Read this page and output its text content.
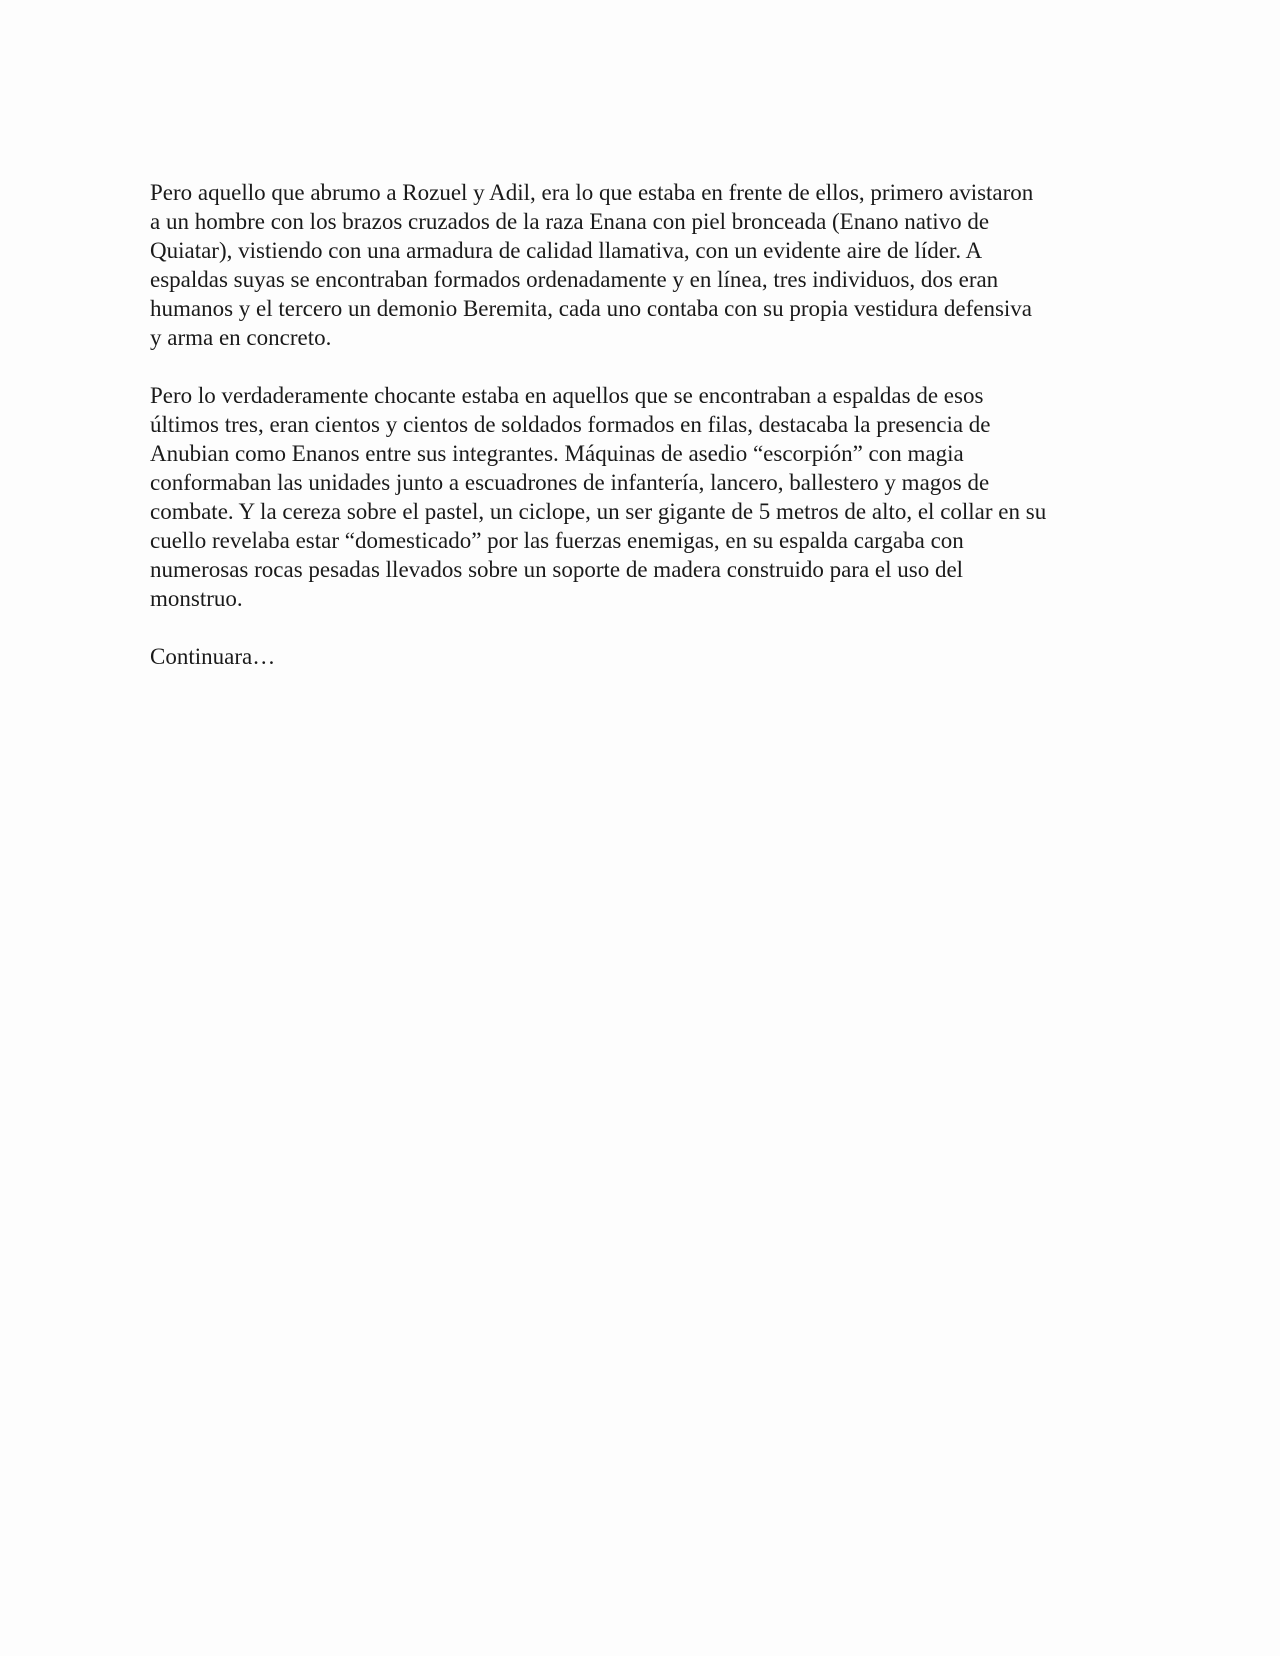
Pero aquello que abrumo a Rozuel y Adil, era lo que estaba en frente de ellos, primero avistaron
a un hombre con los brazos cruzados de la raza Enana con piel bronceada (Enano nativo de
Quiatar), vistiendo con una armadura de calidad llamativa, con un evidente aire de líder. A
espaldas suyas se encontraban formados ordenadamente y en línea, tres individuos, dos eran
humanos y el tercero un demonio Beremita, cada uno contaba con su propia vestidura defensiva
y arma en concreto.

Pero lo verdaderamente chocante estaba en aquellos que se encontraban a espaldas de esos
últimos tres, eran cientos y cientos de soldados formados en filas, destacaba la presencia de
Anubian como Enanos entre sus integrantes. Máquinas de asedio “escorpión” con magia
conformaban las unidades junto a escuadrones de infantería, lancero, ballestero y magos de
combate. Y la cereza sobre el pastel, un ciclope, un ser gigante de 5 metros de alto, el collar en su
cuello revelaba estar “domesticado” por las fuerzas enemigas, en su espalda cargaba con
numerosas rocas pesadas llevados sobre un soporte de madera construido para el uso del
monstruo.

Continuara…
